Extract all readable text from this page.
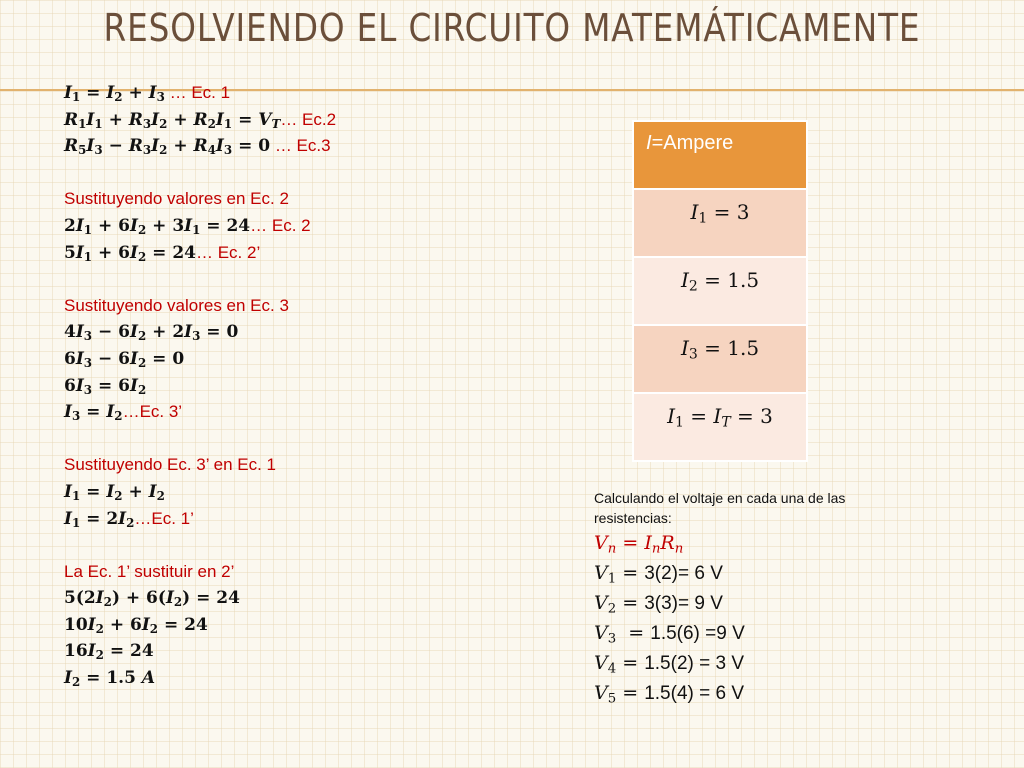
RESOLVIENDO EL CIRCUITO MATEMÁTICAMENTE
$I_1 = I_2 + I_3$ … Ec. 1
$R_1I_1 + R_3I_2 + R_2I_1$ = $V_T\dots$ Ec.2
$R_5I_3 - R_3I_2 + R_4I_3 = 0$ … Ec.3
Sustituyendo valores en Ec. 2
$2I_1 + 6I_2 + 3I_1$ = 24… Ec. 2
$5I_1 + 6I_2$ = 24… Ec. 2’
Sustituyendo valores en Ec. 3
$4I_3 - 6I_2 + 2I_3 = 0$
$6I_3 - 6I_2 = 0$
$6I_3 = 6I_2$
$I_3$ = $I_2\dots Ec$. 3’
Sustituyendo Ec. 3’ en Ec. 1
$I_1 = I_2 + I_2$
$I_1$ = $2I_2\dots Ec$. 1’
La Ec. 1’ sustituir en 2’
$5(2I_2) + 6(I_2) = 24$
$10I_2 + 6I_2 = 24$
$16I_2 = 24$
$I_2 = 1.5$ A
I=Ampere
$I_1 = 3$
$I_2 = 1.5$
$I_3 = 1.5$
$I_1 = I_T = 3$
Calculando el voltaje en cada una de las resistencias:
$V_n = I_nR_n$
$V_1 = 3(2)= 6$ V
$V_2 = 3(3)= 9$ V
$V_3 = 1.5(6) =9$ V
$V_4 = 1.5(2) = 3$ V
$V_5 = 1.5(4) = 6$ V
